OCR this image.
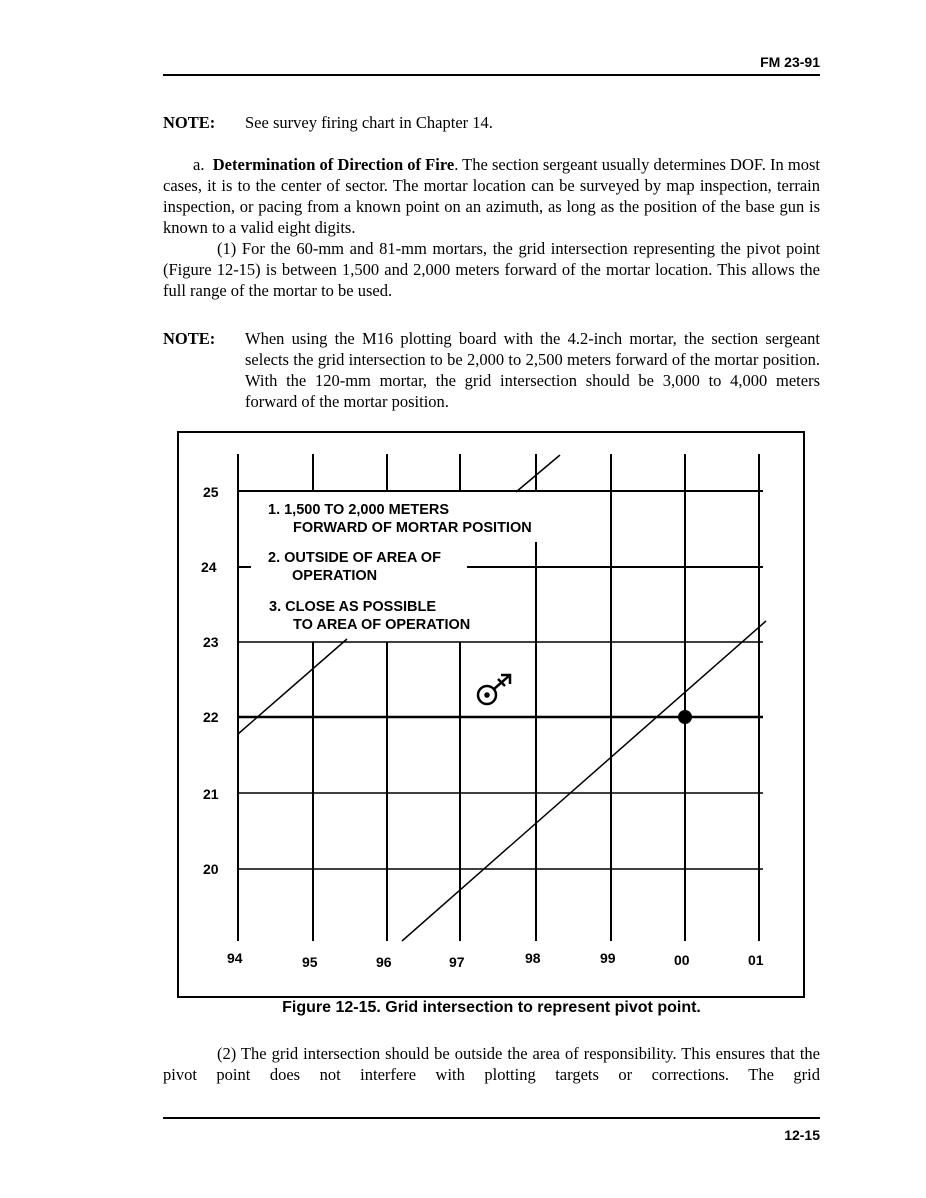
FM 23-91
NOTE: See survey firing chart in Chapter 14.

a. Determination of Direction of Fire. The section sergeant usually determines DOF. In most cases, it is to the center of sector. The mortar location can be surveyed by map inspection, terrain inspection, or pacing from a known point on an azimuth, as long as the position of the base gun is known to a valid eight digits.

(1) For the 60-mm and 81-mm mortars, the grid intersection representing the pivot point (Figure 12-15) is between 1,500 and 2,000 meters forward of the mortar location. This allows the full range of the mortar to be used.

NOTE: When using the M16 plotting board with the 4.2-inch mortar, the section sergeant selects the grid intersection to be 2,000 to 2,500 meters forward of the mortar position. With the 120-mm mortar, the grid intersection should be 3,000 to 4,000 meters forward of the mortar position.
25
24
23
22
21
20
94	95	96	97	98	99	00	01
1. 1,500 TO 2,000 METERS
FORWARD OF MORTAR POSITION
2. OUTSIDE OF AREA OF
OPERATION
3. CLOSE AS POSSIBLE
TO AREA OF OPERATION
Figure 12-15. Grid intersection to represent pivot point.

(2) The grid intersection should be outside the area of responsibility. This ensures that the pivot point does not interfere with plotting targets or corrections. The grid

12-15
